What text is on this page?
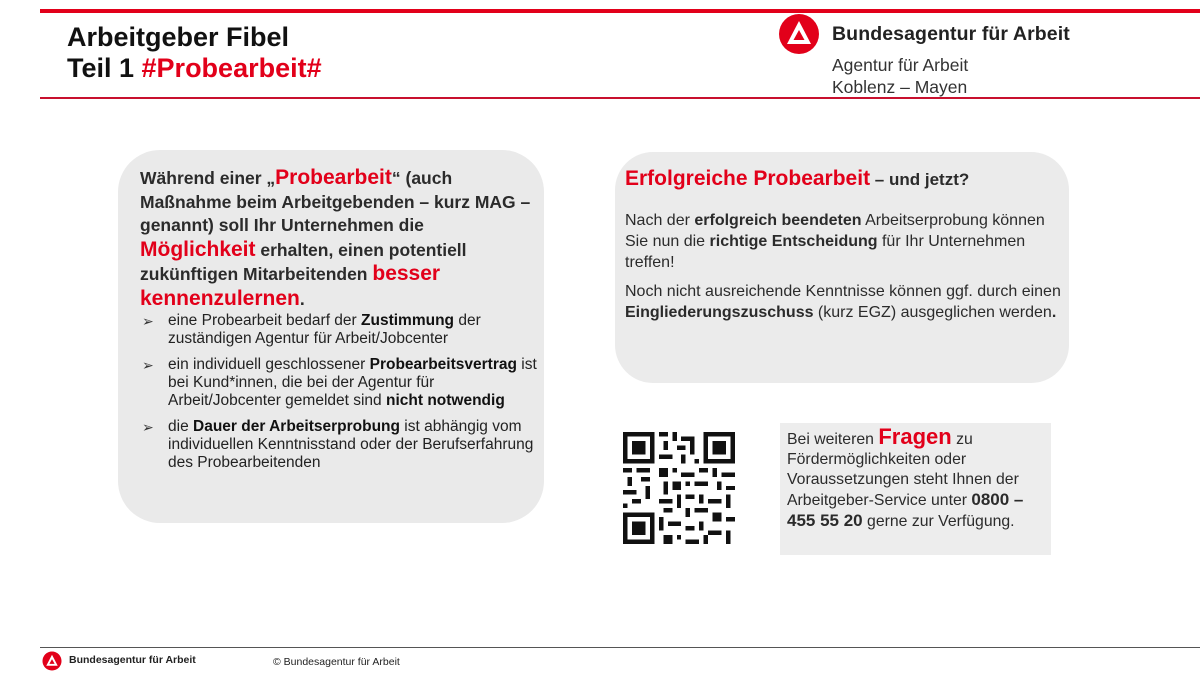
Arbeitgeber Fibel
Teil 1 #Probearbeit#
Bundesagentur für Arbeit
Agentur für Arbeit
Koblenz – Mayen
Während einer „Probearbeit“ (auch Maßnahme beim Arbeitgebenden – kurz MAG – genannt) soll Ihr Unternehmen die Möglichkeit erhalten, einen potentiell zukünftigen Mitarbeitenden besser kennenzulernen.
➢ eine Probearbeit bedarf der Zustimmung der zuständigen Agentur für Arbeit/Jobcenter
➢ ein individuell geschlossener Probearbeitsvertrag ist bei Kund*innen, die bei der Agentur für Arbeit/Jobcenter gemeldet sind nicht notwendig
➢ die Dauer der Arbeitserprobung ist abhängig vom individuellen Kenntnisstand oder der Berufserfahrung des Probearbeitenden
Erfolgreiche Probearbeit – und jetzt?
Nach der erfolgreich beendeten Arbeitserprobung können Sie nun die richtige Entscheidung für Ihr Unternehmen treffen!
Noch nicht ausreichende Kenntnisse können ggf. durch einen Eingliederungszuschuss (kurz EGZ) ausgeglichen werden.
Bei weiteren Fragen zu Fördermöglichkeiten oder Voraussetzungen steht Ihnen der Arbeitgeber-Service unter 0800 – 455 55 20 gerne zur Verfügung.
Bundesagentur für Arbeit	© Bundesagentur für Arbeit
